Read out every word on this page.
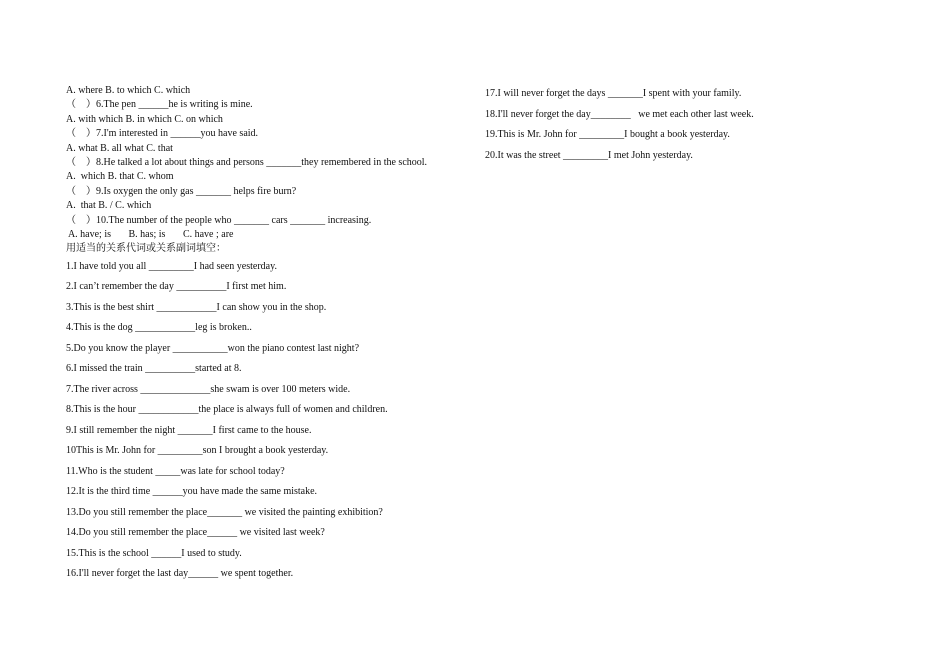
A. where B. to which C. which
（    ）6.The pen ______he is writing is mine.
A. with which B. in which C. on which
（    ）7.I'm interested in ______you have said.
A. what B. all what C. that
（    ）8.He talked a lot about things and persons _______they remembered in the school.
A.  which B. that C. whom
（    ）9.Is oxygen the only gas _______ helps fire burn?
A.  that B. / C. which
（    ）10.The number of the people who _______ cars _______ increasing.
A. have; is       B. has; is       C. have ; are
用适当的关系代词或关系副词填空：
1.I have told you all _________I had seen yesterday.
2.I can’t remember the day __________I first met him.
3.This is the best shirt ____________I can show you in the shop.
4.This is the dog ____________leg is broken..
5.Do you know the player ___________won the piano contest last night?
6.I missed the train __________started at 8.
7.The river across ______________she swam is over 100 meters wide.
8.This is the hour ____________the place is always full of women and children.
9.I still remember the night _______I first came to the house.
10This is Mr. John for _________son I brought a book yesterday.
11.Who is the student _____was late for school today?
12.It is the third time ______you have made the same mistake.
13.Do you still remember the place_______ we visited the painting exhibition?
14.Do you still remember the place______ we visited last week?
15.This is the school ______I used to study.
16.I'll never forget the last day______ we spent together.
17.I will never forget the days _______I spent with your family.
18.I'll never forget the day________   we met each other last week.
19.This is Mr. John for _________I bought a book yesterday.
20.It was the street _________I met John yesterday.
